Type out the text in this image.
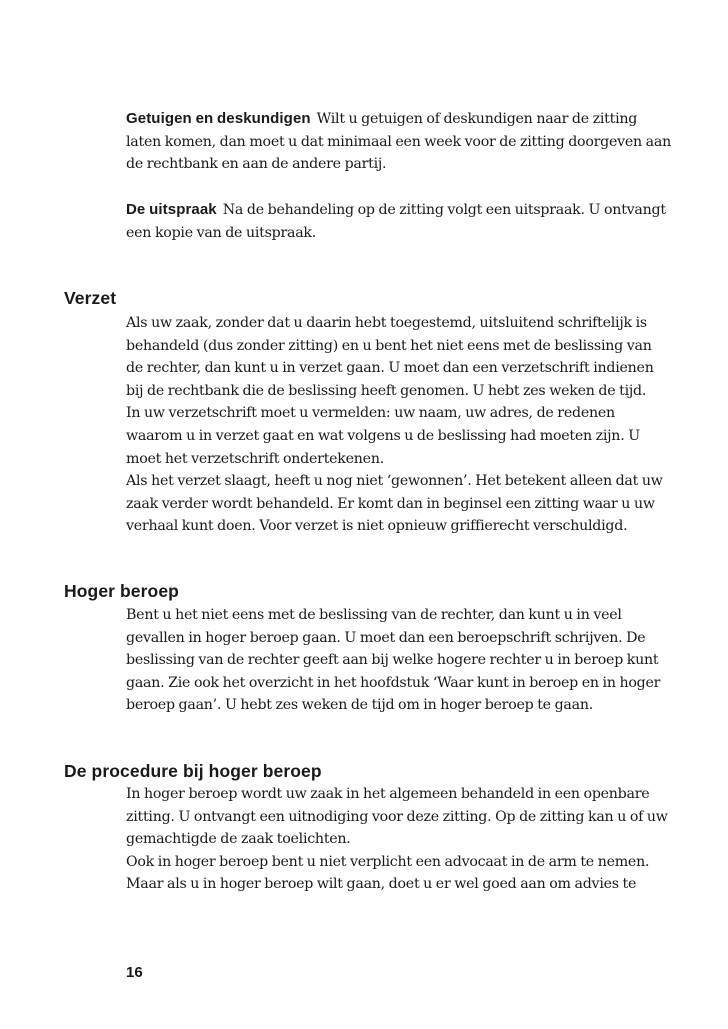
Getuigen en deskundigen Wilt u getuigen of deskundigen naar de zitting laten komen, dan moet u dat minimaal een week voor de zitting doorgeven aan de rechtbank en aan de andere partij.
De uitspraak Na de behandeling op de zitting volgt een uitspraak. U ontvangt een kopie van de uitspraak.
Verzet

Als uw zaak, zonder dat u daarin hebt toegestemd, uitsluitend schriftelijk is behandeld (dus zonder zitting) en u bent het niet eens met de beslissing van de rechter, dan kunt u in verzet gaan. U moet dan een verzetschrift indienen bij de rechtbank die de beslissing heeft genomen. U hebt zes weken de tijd.

In uw verzetschrift moet u vermelden: uw naam, uw adres, de redenen waarom u in verzet gaat en wat volgens u de beslissing had moeten zijn. U moet het verzetschrift ondertekenen.

Als het verzet slaagt, heeft u nog niet ‘gewonnen’. Het betekent alleen dat uw zaak verder wordt behandeld. Er komt dan in beginsel een zitting waar u uw verhaal kunt doen. Voor verzet is niet opnieuw griffierecht verschuldigd.

Hoger beroep

Bent u het niet eens met de beslissing van de rechter, dan kunt u in veel gevallen in hoger beroep gaan. U moet dan een beroepschrift schrijven. De beslissing van de rechter geeft aan bij welke hogere rechter u in beroep kunt gaan. Zie ook het overzicht in het hoofdstuk ‘Waar kunt in beroep en in hoger beroep gaan’. U hebt zes weken de tijd om in hoger beroep te gaan.

De procedure bij hoger beroep

In hoger beroep wordt uw zaak in het algemeen behandeld in een openbare zitting. U ontvangt een uitnodiging voor deze zitting. Op de zitting kan u of uw gemachtigde de zaak toelichten.

Ook in hoger beroep bent u niet verplicht een advocaat in de arm te nemen. Maar als u in hoger beroep wilt gaan, doet u er wel goed aan om advies te

16
